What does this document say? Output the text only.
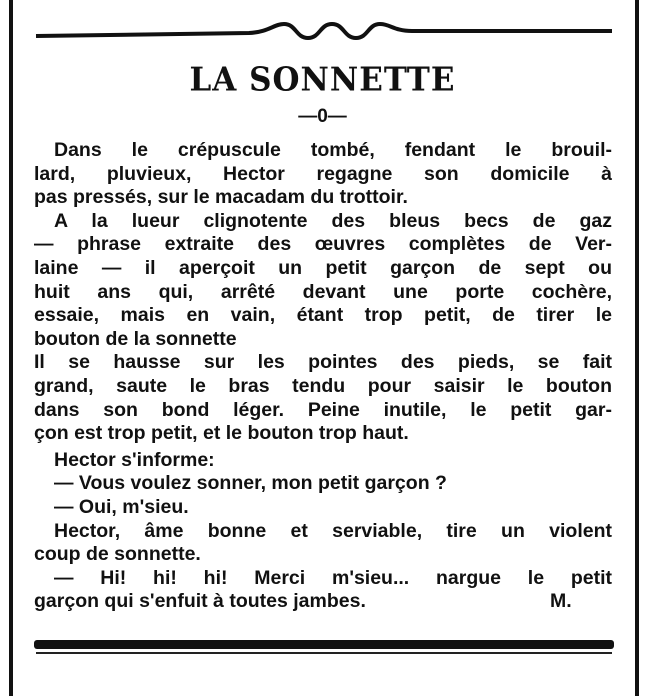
LA SONNETTE
—0—
Dans le crépuscule tombé, fendant le brouil-
lard, pluvieux, Hector regagne son domicile à
pas pressés, sur le macadam du trottoir.
A la lueur clignotente des bleus becs de gaz
— phrase extraite des œuvres complètes de Ver-
laine — il aperçoit un petit garçon de sept ou
huit ans qui, arrêté devant une porte cochère,
essaie, mais en vain, étant trop petit, de tirer le
bouton de la sonnette
Il se hausse sur les pointes des pieds, se fait
grand, saute le bras tendu pour saisir le bouton
dans son bond léger. Peine inutile, le petit gar-
çon est trop petit, et le bouton trop haut.
Hector s'informe:
— Vous voulez sonner, mon petit garçon ?
— Oui, m'sieu.
Hector, âme bonne et serviable, tire un violent
coup de sonnette.
— Hi! hi! hi! Merci m'sieu... nargue le petit
garçon qui s'enfuit à toutes jambes.	M.
